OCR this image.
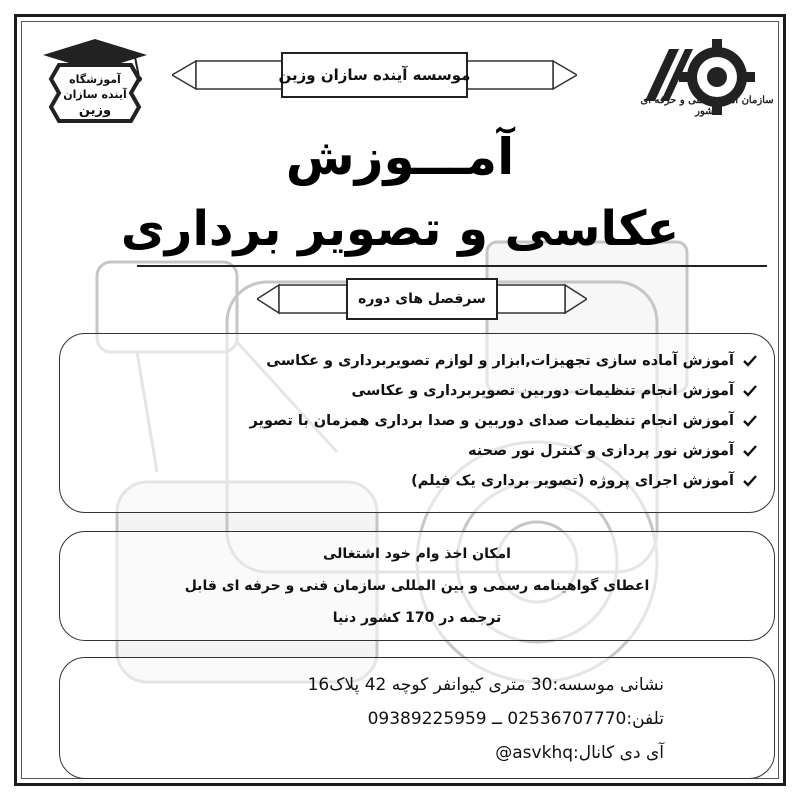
آموزشگاه
آینده سازان
وزین
سازمان آموزش فنی و حرفه ای کشور
موسسه آینده سازان وزین
آمـــوزش
عکاسی و تصویر برداری
سرفصل های دوره
آموزش آماده سازی تجهیزات,ابزار و لوازم تصویربرداری و عکاسی
آموزش انجام تنظیمات دوربین تصویربرداری و عکاسی
آموزش انجام تنظیمات صدای دوربین و صدا برداری همزمان با تصویر
آموزش نور پردازی و کنترل نور صحنه
آموزش اجرای پروژه (تصویر برداری یک فیلم)
امکان اخذ وام خود اشتغالی
اعطای گواهینامه رسمی و بین المللی سازمان فنی و حرفه ای قابل
ترجمه در 170 کشور دنیا
نشانی موسسه:30 متری کیوانفر کوچه 42 پلاک16
تلفن:02536707770 ــ 09389225959
آی دی کانال:asvkhq@
